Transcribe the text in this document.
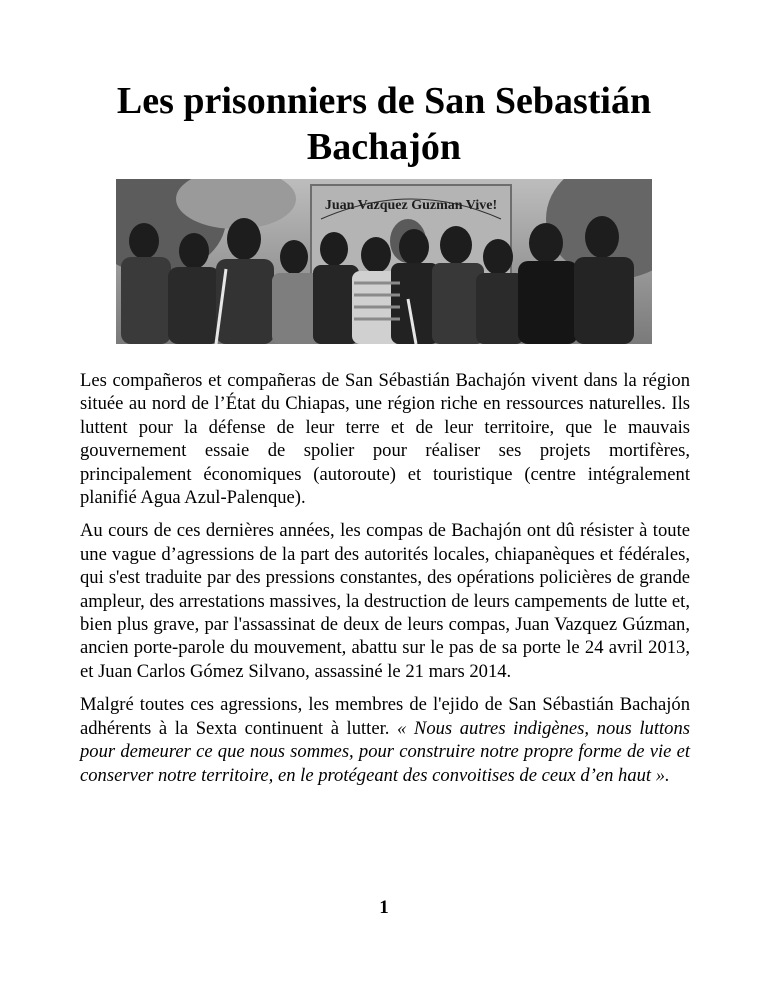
Les prisonniers de San Sebastián Bachajón
Juan Vazquez Guzman Vive!

Les compañeros et compañeras de San Sébastián Bachajón vivent dans la région située au nord de l’État du Chiapas, une région riche en ressources naturelles. Ils luttent pour la défense de leur terre et de leur territoire, que le mauvais gouvernement essaie de spolier pour réaliser ses projets mortifères, principalement économiques (autoroute) et touristique (centre intégralement planifié Agua Azul-Palenque).

Au cours de ces dernières années, les compas de Bachajón ont dû résister à toute une vague d’agressions de la part des autorités locales, chiapanèques et fédérales, qui s'est traduite par des pressions constantes, des opérations policières de grande ampleur, des arrestations massives, la destruction de leurs campements de lutte et, bien plus grave, par l'assassinat de deux de leurs compas, Juan Vazquez Gúzman, ancien porte-parole du mouvement, abattu sur le pas de sa porte le 24 avril 2013, et Juan Carlos Gómez Silvano, assassiné le 21 mars 2014.

Malgré toutes ces agressions, les membres de l'ejido de San Sébastián Bachajón adhérents à la Sexta continuent à lutter. « Nous autres indigènes, nous luttons pour demeurer ce que nous sommes, pour construire notre propre forme de vie et conserver notre territoire, en le protégeant des convoitises de ceux d’en haut ».

1
